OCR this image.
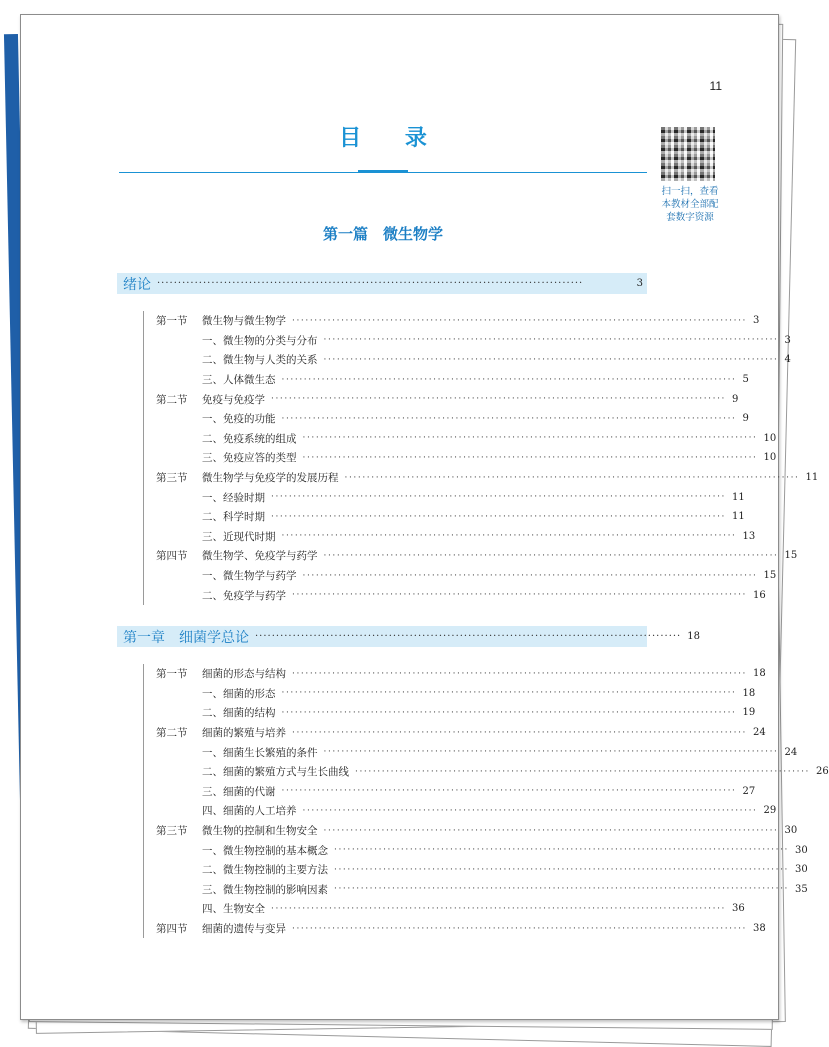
11
目 录
扫一扫，查看本教材全部配套数字资源
第一篇　微生物学
绪论 ······································································································	3
第一节	微生物与微生物学 ······································································································ 3
一、微生物的分类与分布 ······································································································ 3
二、微生物与人类的关系 ······································································································ 4
三、人体微生态 ······································································································ 5
第二节	免疫与免疫学 ······································································································ 9
一、免疫的功能 ······································································································ 9
二、免疫系统的组成 ······································································································ 10
三、免疫应答的类型 ······································································································ 10
第三节	微生物学与免疫学的发展历程 ······································································································ 11
一、经验时期 ······································································································ 11
二、科学时期 ······································································································ 11
三、近现代时期 ······································································································ 13
第四节	微生物学、免疫学与药学 ······································································································ 15
一、微生物学与药学 ······································································································ 15
二、免疫学与药学 ······································································································ 16
第一章　细菌学总论 ······································································································ 18
第一节	细菌的形态与结构 ······································································································ 18
一、细菌的形态 ······································································································ 18
二、细菌的结构 ······································································································ 19
第二节	细菌的繁殖与培养 ······································································································ 24
一、细菌生长繁殖的条件 ······································································································ 24
二、细菌的繁殖方式与生长曲线 ······································································································ 26
三、细菌的代谢 ······································································································ 27
四、细菌的人工培养 ······································································································ 29
第三节	微生物的控制和生物安全 ······································································································ 30
一、微生物控制的基本概念 ······································································································ 30
二、微生物控制的主要方法 ······································································································ 30
三、微生物控制的影响因素 ······································································································ 35
四、生物安全 ······································································································ 36
第四节	细菌的遗传与变异 ······································································································ 38
